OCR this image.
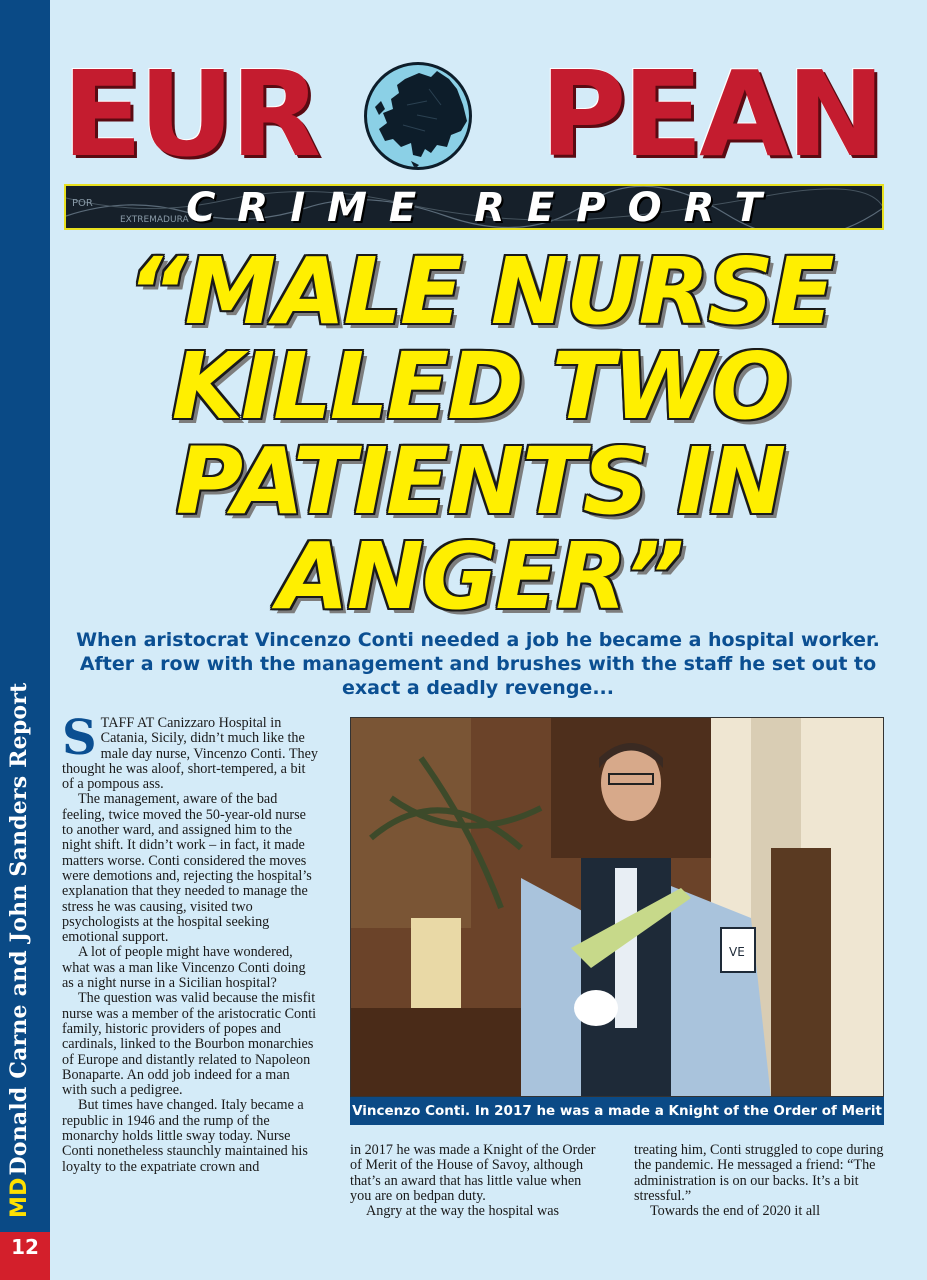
MDDonald Carne and John Sanders Report
12
EUR PEAN
POR
EXTREMADURA
CRIME REPORT
“MALE NURSE
KILLED TWO
PATIENTS IN
ANGER”
When aristocrat Vincenzo Conti needed a job he became a hospital worker. After a row with the management and brushes with the staff he set out to exact a deadly revenge...

STAFF AT Canizzaro Hospital in Catania, Sicily, didn’t much like the male day nurse, Vincenzo Conti. They thought he was aloof, short-tempered, a bit of a pompous ass.

The management, aware of the bad feeling, twice moved the 50-year-old nurse to another ward, and assigned him to the night shift. It didn’t work – in fact, it made matters worse. Conti considered the moves were demotions and, rejecting the hospital’s explanation that they needed to manage the stress he was causing, visited two psychologists at the hospital seeking emotional support.

A lot of people might have wondered, what was a man like Vincenzo Conti doing as a night nurse in a Sicilian hospital?

The question was valid because the misfit nurse was a member of the aristocratic Conti family, historic providers of popes and cardinals, linked to the Bourbon monarchies of Europe and distantly related to Napoleon Bonaparte. An odd job indeed for a man with such a pedigree.

But times have changed. Italy became a republic in 1946 and the rump of the monarchy holds little sway today. Nurse Conti nonetheless staunchly maintained his loyalty to the expatriate crown and

VE
Vincenzo Conti. In 2017 he was a made a Knight of the Order of Merit

in 2017 he was made a Knight of the Order of Merit of the House of Savoy, although that’s an award that has little value when you are on bedpan duty.

Angry at the way the hospital was

treating him, Conti struggled to cope during the pandemic. He messaged a friend: “The administration is on our backs. It’s a bit stressful.”

Towards the end of 2020 it all
